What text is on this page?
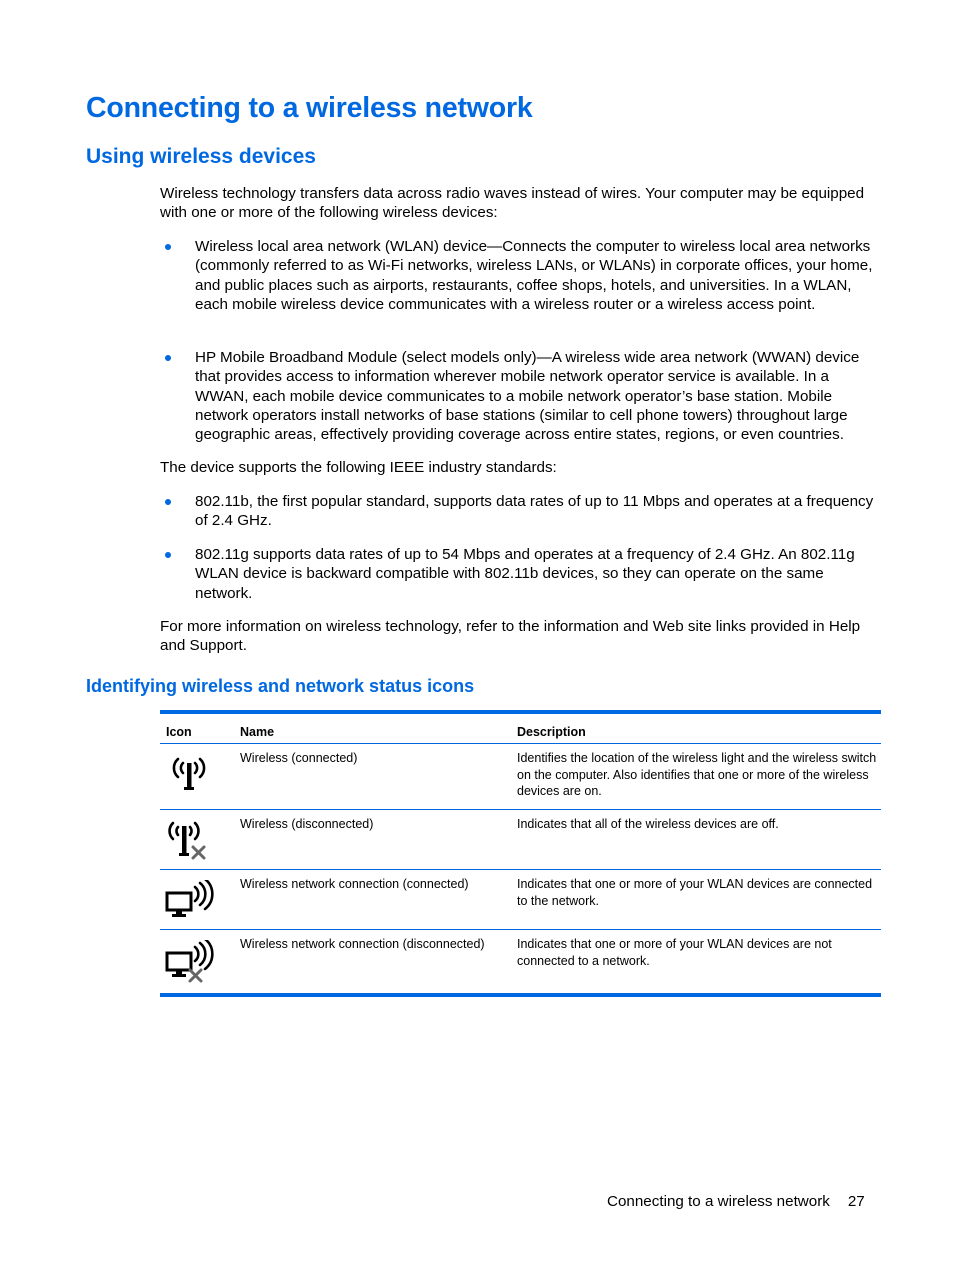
Connecting to a wireless network
Using wireless devices

Wireless technology transfers data across radio waves instead of wires. Your computer may be equipped with one or more of the following wireless devices:

Wireless local area network (WLAN) device—Connects the computer to wireless local area networks (commonly referred to as Wi-Fi networks, wireless LANs, or WLANs) in corporate offices, your home, and public places such as airports, restaurants, coffee shops, hotels, and universities. In a WLAN, each mobile wireless device communicates with a wireless router or a wireless access point.
HP Mobile Broadband Module (select models only)—A wireless wide area network (WWAN) device that provides access to information wherever mobile network operator service is available. In a WWAN, each mobile device communicates to a mobile network operator’s base station. Mobile network operators install networks of base stations (similar to cell phone towers) throughout large geographic areas, effectively providing coverage across entire states, regions, or even countries.

The device supports the following IEEE industry standards:

802.11b, the first popular standard, supports data rates of up to 11 Mbps and operates at a frequency of 2.4 GHz.
802.11g supports data rates of up to 54 Mbps and operates at a frequency of 2.4 GHz. An 802.11g WLAN device is backward compatible with 802.11b devices, so they can operate on the same network.

For more information on wireless technology, refer to the information and Web site links provided in Help and Support.

Identifying wireless and network status icons
Icon	Name	Description
Wireless (connected)	Identifies the location of the wireless light and the wireless switch on the computer. Also identifies that one or more of the wireless devices are on.
Wireless (disconnected)	Indicates that all of the wireless devices are off.
Wireless network connection (connected)	Indicates that one or more of your WLAN devices are connected to the network.
Wireless network connection (disconnected)	Indicates that one or more of your WLAN devices are not connected to a network.
Connecting to a wireless network 27
